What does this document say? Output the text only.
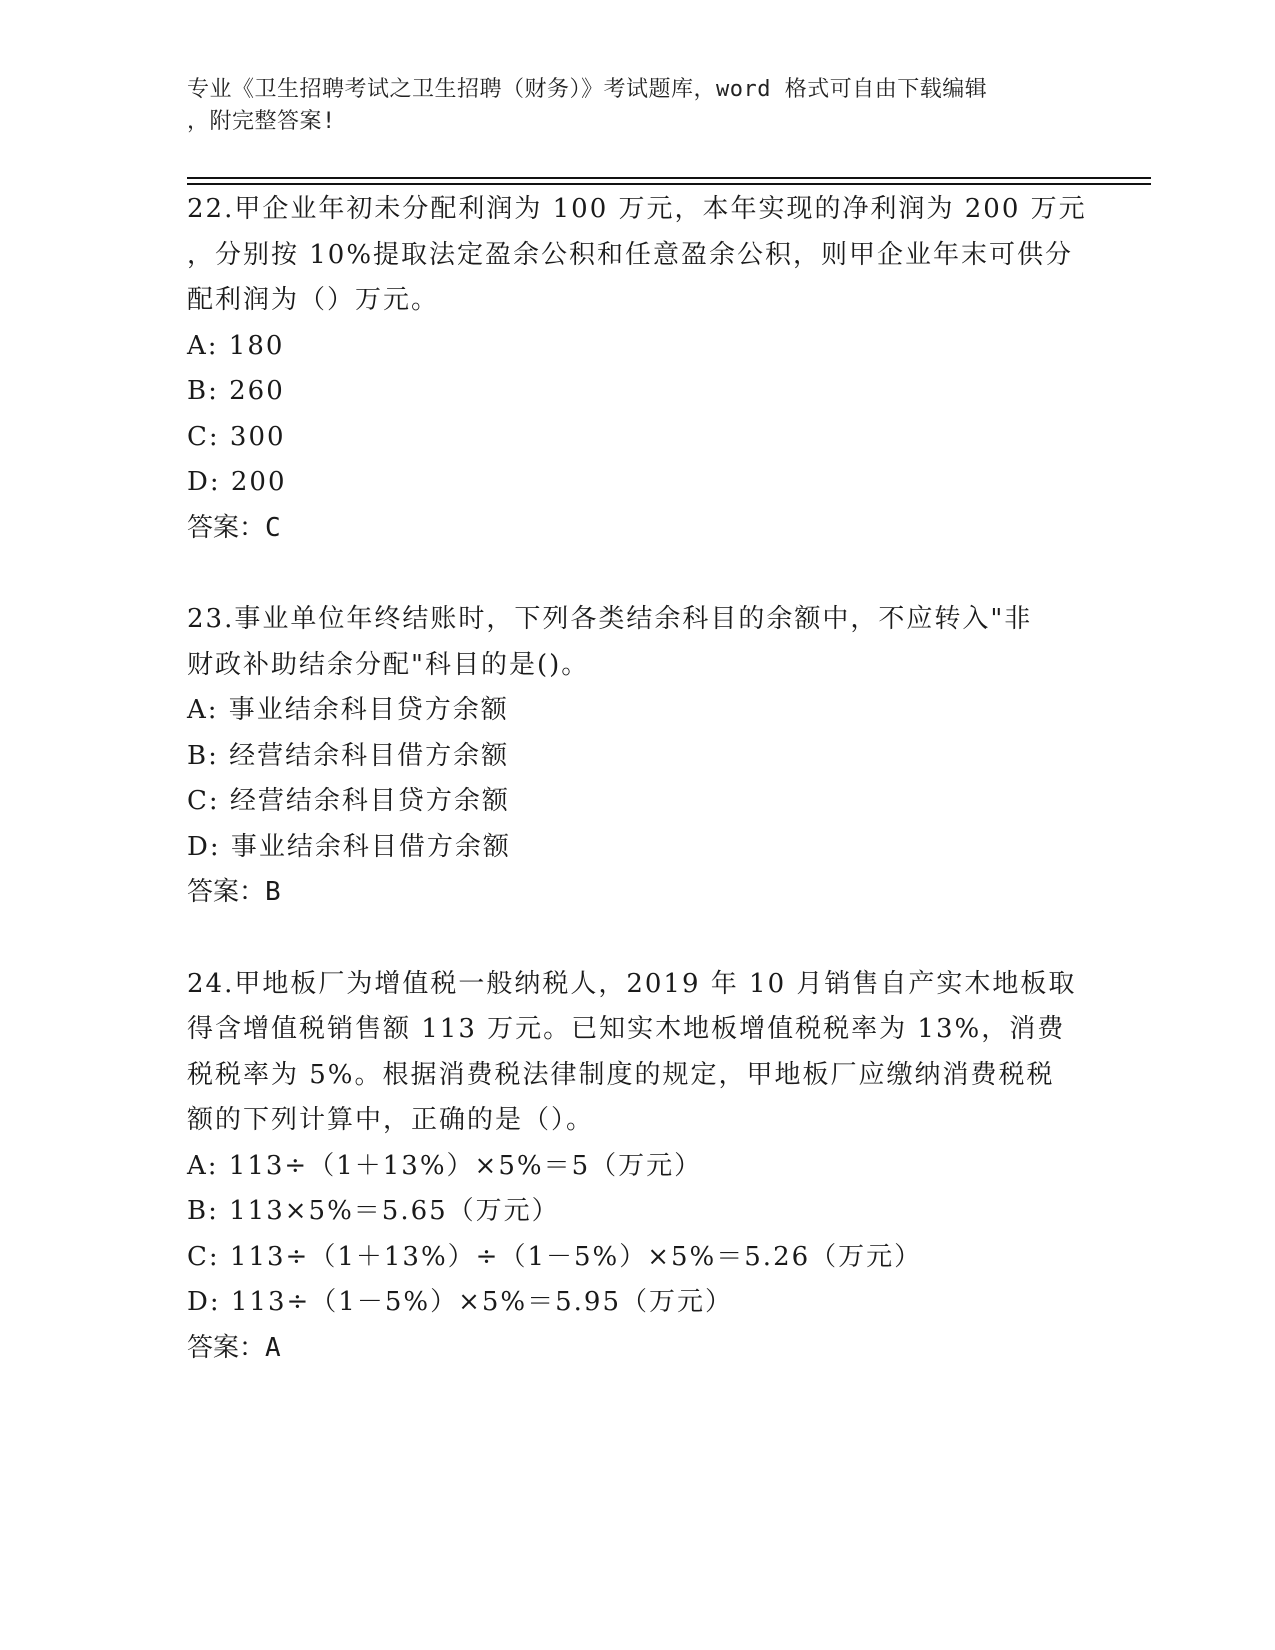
专业《卫生招聘考试之卫生招聘（财务）》考试题库，word 格式可自由下载编辑
，附完整答案!

22.甲企业年初未分配利润为 100 万元，本年实现的净利润为 200 万元

，分别按 10%提取法定盈余公积和任意盈余公积，则甲企业年末可供分

配利润为（）万元。

A: 180

B: 260

C: 300

D: 200

答案：C

23.事业单位年终结账时，下列各类结余科目的余额中，不应转入"非

财政补助结余分配"科目的是()。

A: 事业结余科目贷方余额

B: 经营结余科目借方余额

C: 经营结余科目贷方余额

D: 事业结余科目借方余额

答案：B

24.甲地板厂为增值税一般纳税人，2019 年 10 月销售自产实木地板取

得含增值税销售额 113 万元。已知实木地板增值税税率为 13%，消费

税税率为 5%。根据消费税法律制度的规定，甲地板厂应缴纳消费税税

额的下列计算中，正确的是（）。

A: 113÷（1＋13%）×5%＝5（万元）

B: 113×5%＝5.65（万元）

C: 113÷（1＋13%）÷（1－5%）×5%＝5.26（万元）

D: 113÷（1－5%）×5%＝5.95（万元）

答案：A
